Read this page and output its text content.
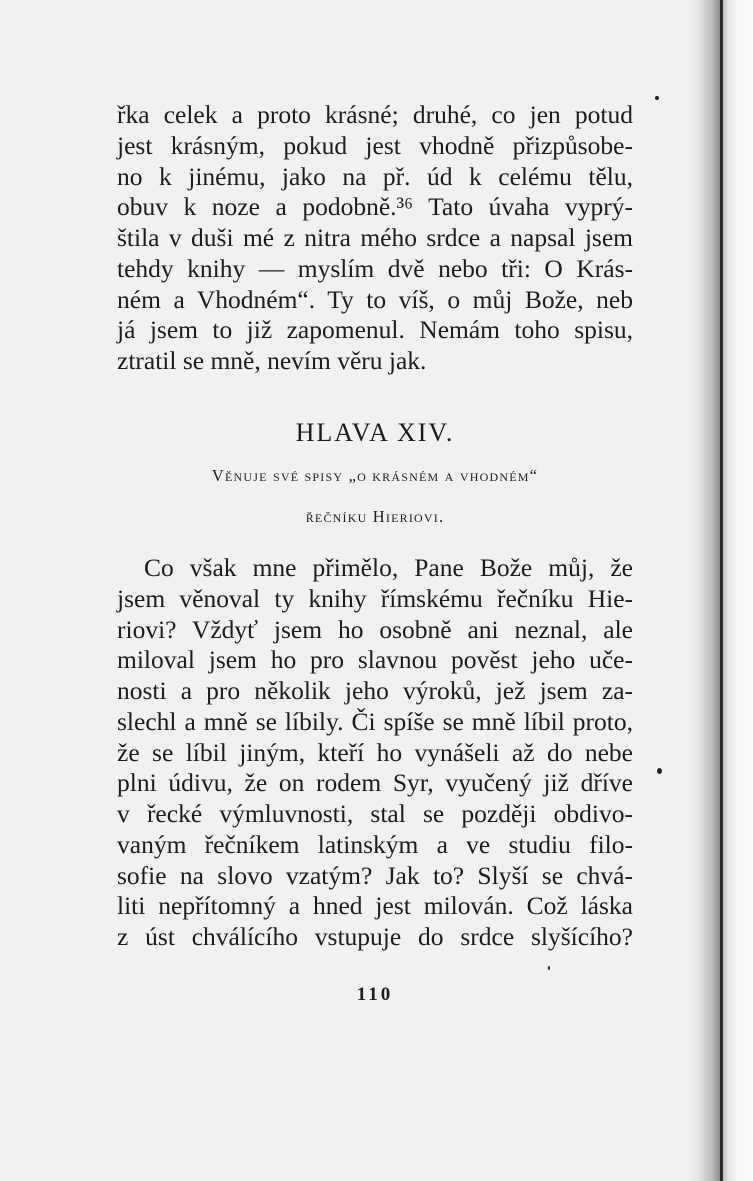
řka celek a proto krásné; druhé, co jen potud
jest krásným, pokud jest vhodně přizpůsobe-
no k jinému, jako na př. úd k celému tělu,
obuv k noze a podobně.³⁶ Tato úvaha vyprý-
štila v duši mé z nitra mého srdce a napsal jsem
tehdy knihy — myslím dvě nebo tři: O Krás-
ném a Vhodném“. Ty to víš, o můj Bože, neb
já jsem to již zapomenul. Nemám toho spisu,
ztratil se mně, nevím věru jak.
HLAVA XIV.
Věnuje své spisy „o krásném a vhodném“
řečníku Hieriovi.
Co však mne přimělo, Pane Bože můj, že
jsem věnoval ty knihy římskému řečníku Hie-
riovi? Vždyť jsem ho osobně ani neznal, ale
miloval jsem ho pro slavnou pověst jeho uče-
nosti a pro několik jeho výroků, jež jsem za-
slechl a mně se líbily. Či spíše se mně líbil proto,
že se líbil jiným, kteří ho vynášeli až do nebe
plni údivu, že on rodem Syr, vyučený již dříve
v řecké výmluvnosti, stal se později obdivo-
vaným řečníkem latinským a ve studiu filo-
sofie na slovo vzatým? Jak to? Slyší se chvá-
liti nepřítomný a hned jest milován. Což láska
z úst chválícího vstupuje do srdce slyšícího?
110
